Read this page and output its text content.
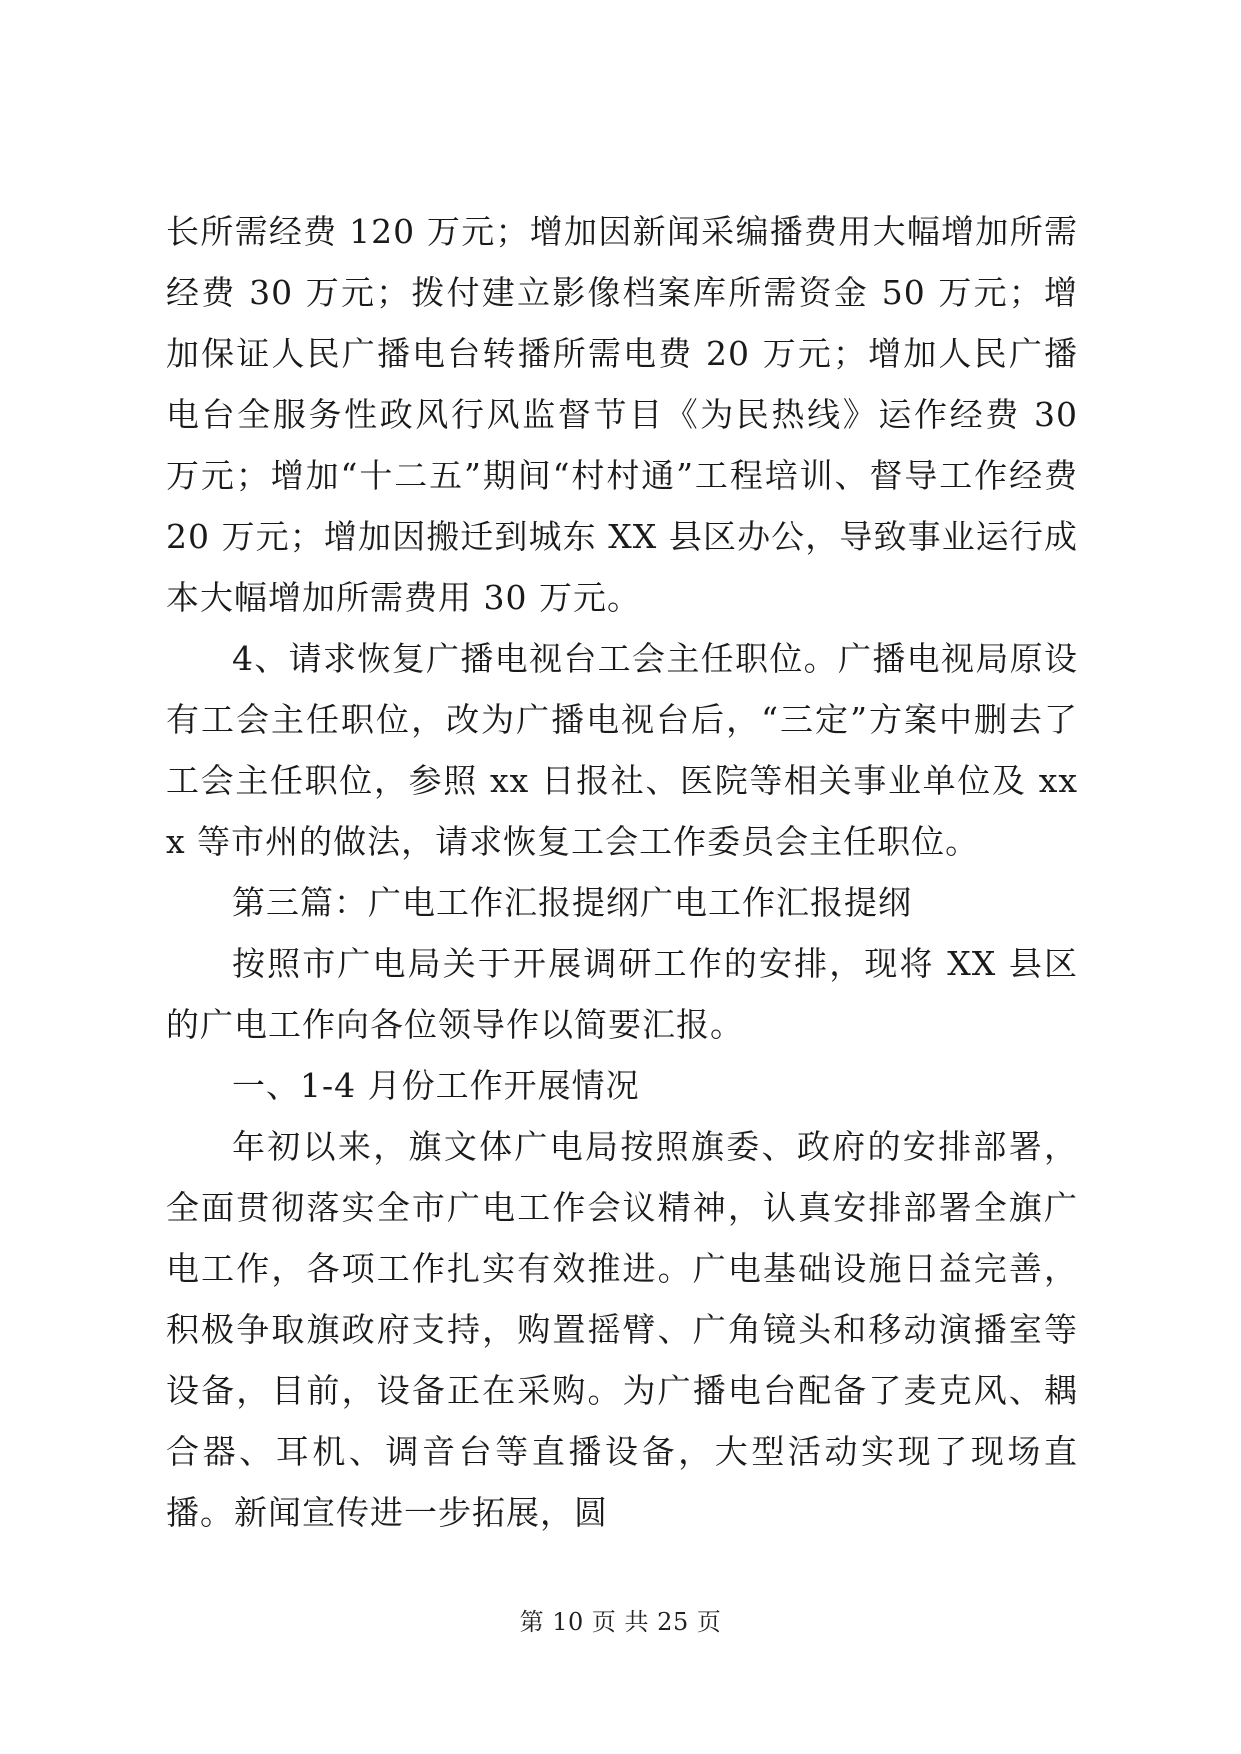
长所需经费 120 万元；增加因新闻采编播费用大幅增加所需经费 30 万元；拨付建立影像档案库所需资金 50 万元；增加保证人民广播电台转播所需电费 20 万元；增加人民广播电台全服务性政风行风监督节目《为民热线》运作经费 30 万元；增加“十二五”期间“村村通”工程培训、督导工作经费 20 万元；增加因搬迁到城东 XX 县区办公，导致事业运行成本大幅增加所需费用 30 万元。

4、请求恢复广播电视台工会主任职位。广播电视局原设有工会主任职位，改为广播电视台后，“三定”方案中删去了工会主任职位，参照 xx 日报社、医院等相关事业单位及 xxx 等市州的做法，请求恢复工会工作委员会主任职位。

第三篇：广电工作汇报提纲广电工作汇报提纲

按照市广电局关于开展调研工作的安排，现将 XX 县区的广电工作向各位领导作以简要汇报。

一、1-4 月份工作开展情况

年初以来，旗文体广电局按照旗委、政府的安排部署，全面贯彻落实全市广电工作会议精神，认真安排部署全旗广电工作，各项工作扎实有效推进。广电基础设施日益完善，积极争取旗政府支持，购置摇臂、广角镜头和移动演播室等设备，目前，设备正在采购。为广播电台配备了麦克风、耦合器、耳机、调音台等直播设备，大型活动实现了现场直播。新闻宣传进一步拓展，圆

第 10 页 共 25 页
